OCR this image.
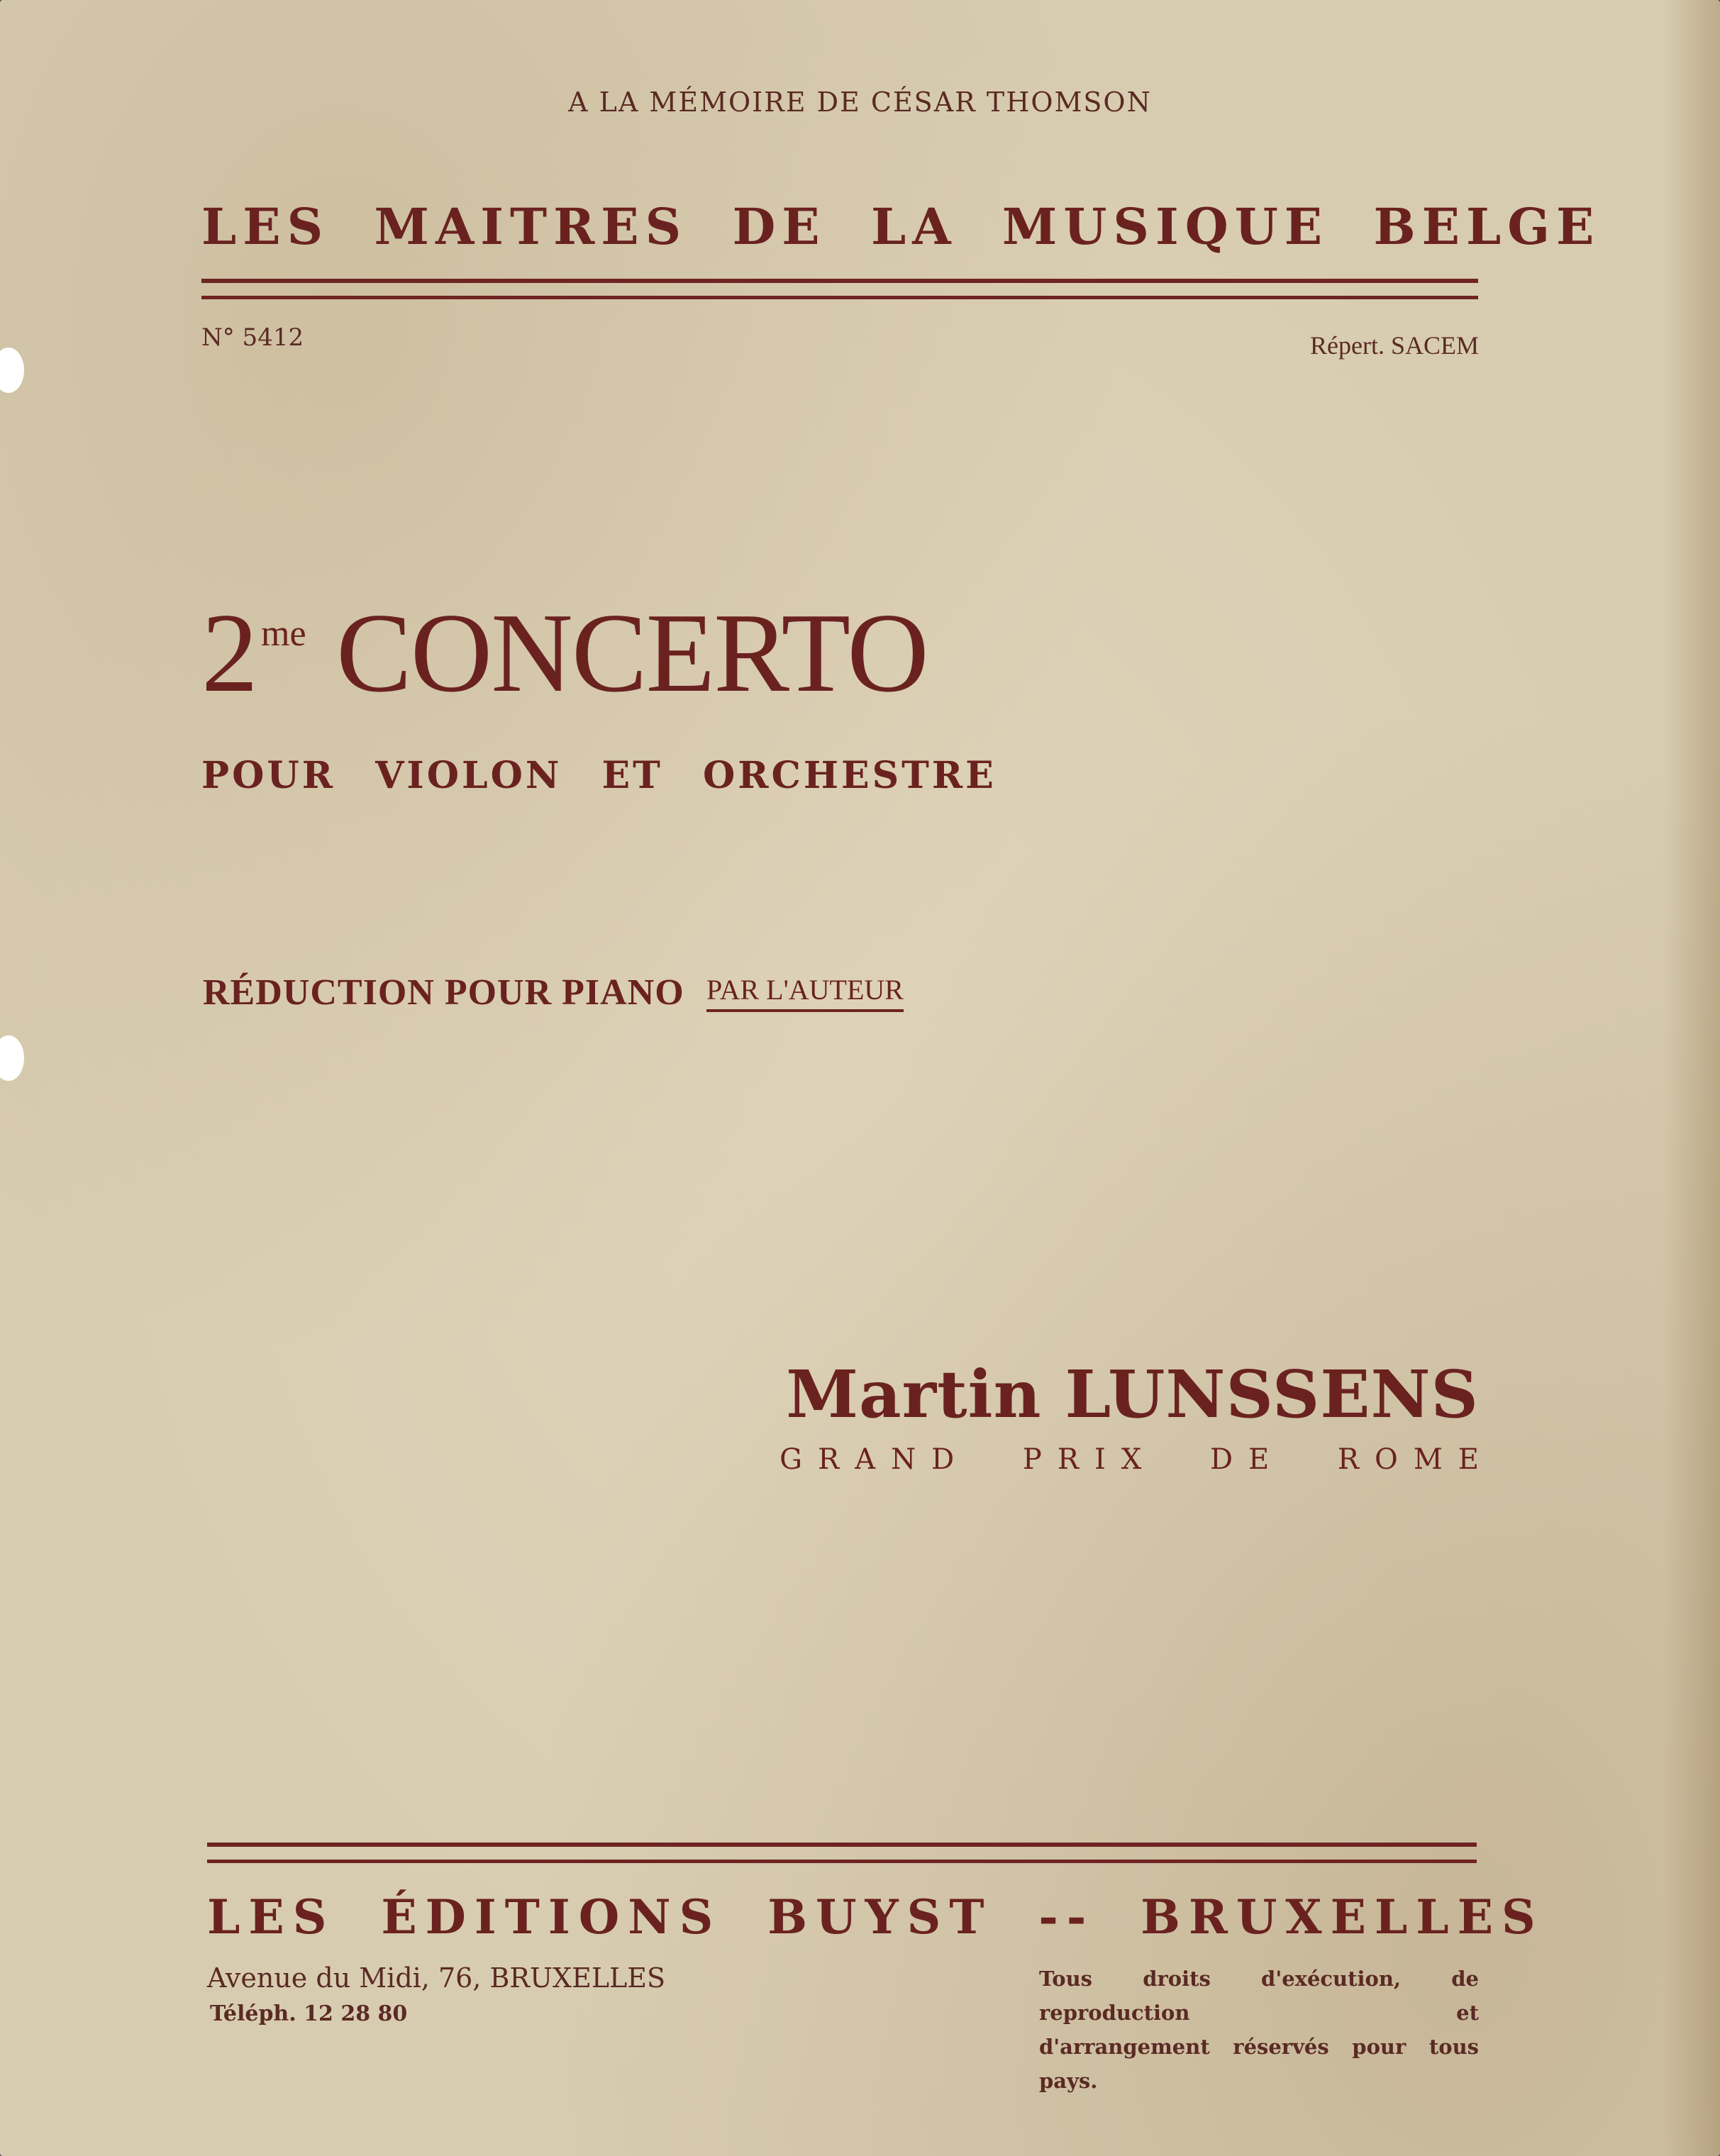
A LA MÉMOIRE DE CÉSAR THOMSON

LES MAITRES DE LA MUSIQUE BELGE

N° 5412	Répert. SACEM

$2^{me}$ CONCERTO

POUR VIOLON ET ORCHESTRE

RÉDUCTION POUR PIANO PAR L'AUTEUR

Martin LUNSSENS

GRAND PRIX DE ROME

LES ÉDITIONS BUYST -- BRUXELLES

Avenue du Midi, 76, BRUXELLES

Téléph. 12 28 80

Tous droits d'exécution, de reproduction et
d'arrangement réservés pour tous pays.
